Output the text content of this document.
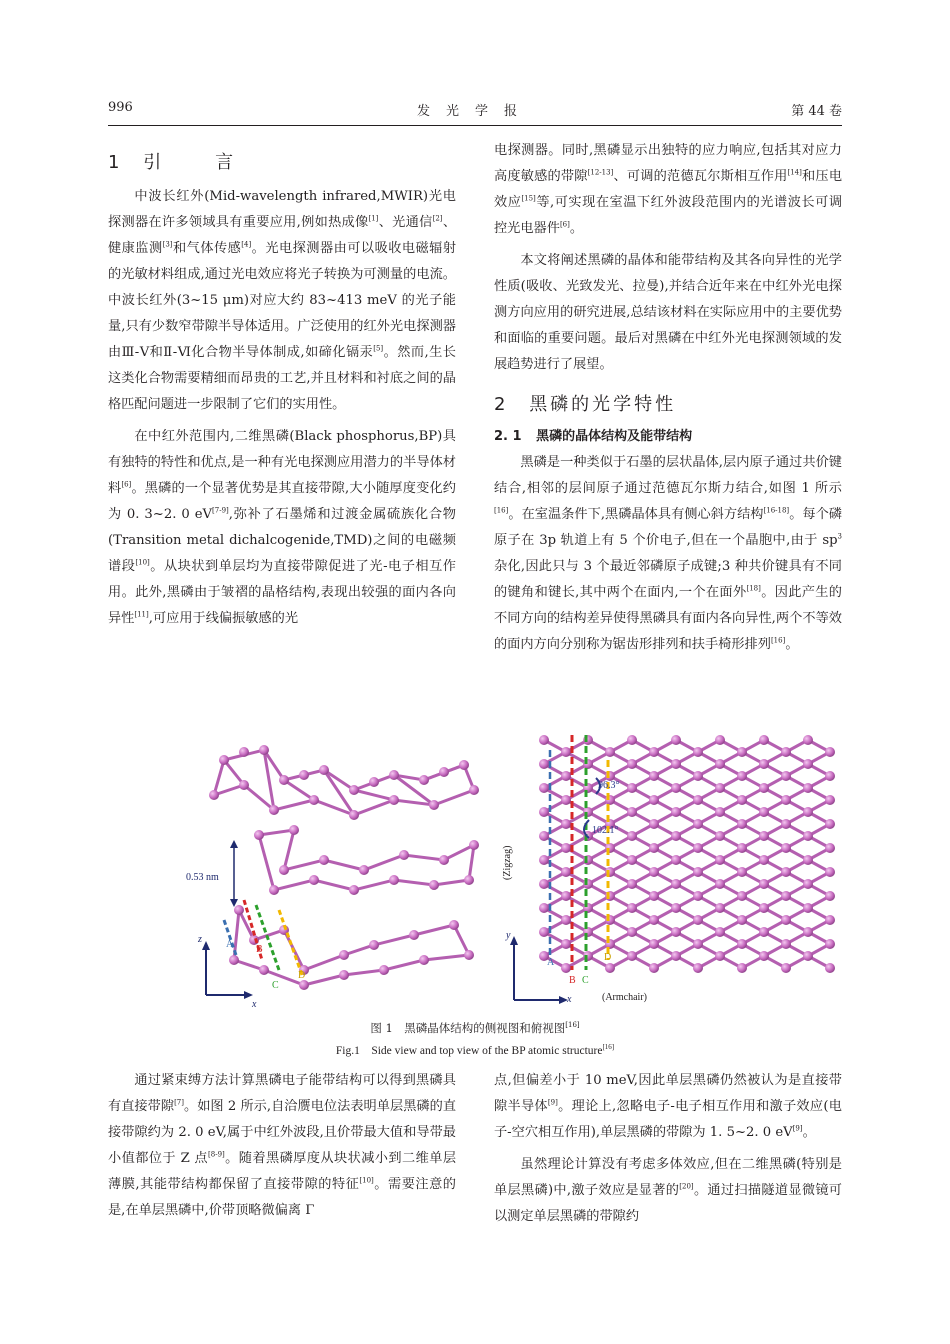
996	发光学报	第 44 卷
1 引　　言

中波长红外(Mid-wavelength infrared,MWIR)光电探测器在许多领域具有重要应用,例如热成像[1]、光通信[2]、健康监测[3]和气体传感[4]。光电探测器由可以吸收电磁辐射的光敏材料组成,通过光电效应将光子转换为可测量的电流。中波长红外(3~15 μm)对应大约 83~413 meV 的光子能量,只有少数窄带隙半导体适用。广泛使用的红外光电探测器由Ⅲ-Ⅴ和Ⅱ-Ⅵ化合物半导体制成,如碲化镉汞[5]。然而,生长这类化合物需要精细而昂贵的工艺,并且材料和衬底之间的晶格匹配问题进一步限制了它们的实用性。

在中红外范围内,二维黑磷(Black phosphorus,BP)具有独特的特性和优点,是一种有光电探测应用潜力的半导体材料[6]。黑磷的一个显著优势是其直接带隙,大小随厚度变化约为 0. 3~2. 0 eV[7-9],弥补了石墨烯和过渡金属硫族化合物(Transition metal dichalcogenide,TMD)之间的电磁频谱段[10]。从块状到单层均为直接带隙促进了光-电子相互作用。此外,黑磷由于皱褶的晶格结构,表现出较强的面内各向异性[11],可应用于线偏振敏感的光

电探测器。同时,黑磷显示出独特的应力响应,包括其对应力高度敏感的带隙[12-13]、可调的范德瓦尔斯相互作用[14]和压电效应[15]等,可实现在室温下红外波段范围内的光谱波长可调控光电器件[6]。

本文将阐述黑磷的晶体和能带结构及其各向异性的光学性质(吸收、光致发光、拉曼),并结合近年来在中红外光电探测方向应用的研究进展,总结该材料在实际应用中的主要优势和面临的重要问题。最后对黑磷在中红外光电探测领域的发展趋势进行了展望。

2 黑磷的光学特性
2. 1 黑磷的晶体结构及能带结构

黑磷是一种类似于石墨的层状晶体,层内原子通过共价键结合,相邻的层间原子通过范德瓦尔斯力结合,如图 1 所示[16]。在室温条件下,黑磷晶体具有侧心斜方结构[16-18]。每个磷原子在 3p 轨道上有 5 个价电子,但在一个晶胞中,由于 $sp^3$杂化,因此只与 3 个最近邻磷原子成键;3 种共价键具有不同的键角和键长,其中两个在面内,一个在面外[18]。因此产生的不同方向的结构差异使得黑磷具有面内各向异性,两个不等效的面内方向分别称为锯齿形排列和扶手椅形排列[16]。

0.53 nm
A B
C
D
z
x
96.3°
102.1°
A
B C
D
y
x	(Armchair)
(Zigzag)
图 1　黑磷晶体结构的侧视图和俯视图[16]
Fig.1　Side view and top view of the BP atomic structure[16]

通过紧束缚方法计算黑磷电子能带结构可以得到黑磷具有直接带隙[7]。如图 2 所示,自洽赝电位法表明单层黑磷的直接带隙约为 2. 0 eV,属于中红外波段,且价带最大值和导带最小值都位于 Z 点[8-9]。随着黑磷厚度从块状减小到二维单层薄膜,其能带结构都保留了直接带隙的特征[10]。需要注意的是,在单层黑磷中,价带顶略微偏离 Γ

点,但偏差小于 10 meV,因此单层黑磷仍然被认为是直接带隙半导体[9]。理论上,忽略电子-电子相互作用和激子效应(电子-空穴相互作用),单层黑磷的带隙为 1. 5~2. 0 eV[9]。

虽然理论计算没有考虑多体效应,但在二维黑磷(特别是单层黑磷)中,激子效应是显著的[20]。通过扫描隧道显微镜可以测定单层黑磷的带隙约
